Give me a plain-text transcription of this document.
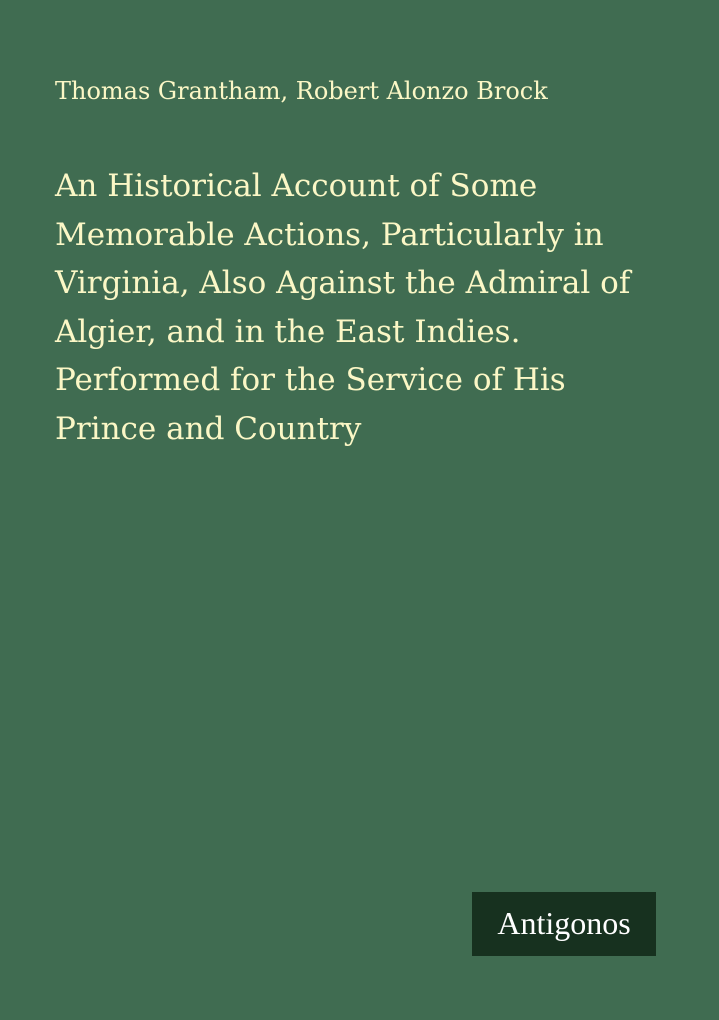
Thomas Grantham, Robert Alonzo Brock
An Historical Account of Some
Memorable Actions, Particularly in
Virginia, Also Against the Admiral of
Algier, and in the East Indies.
Performed for the Service of His
Prince and Country
Antigonos
